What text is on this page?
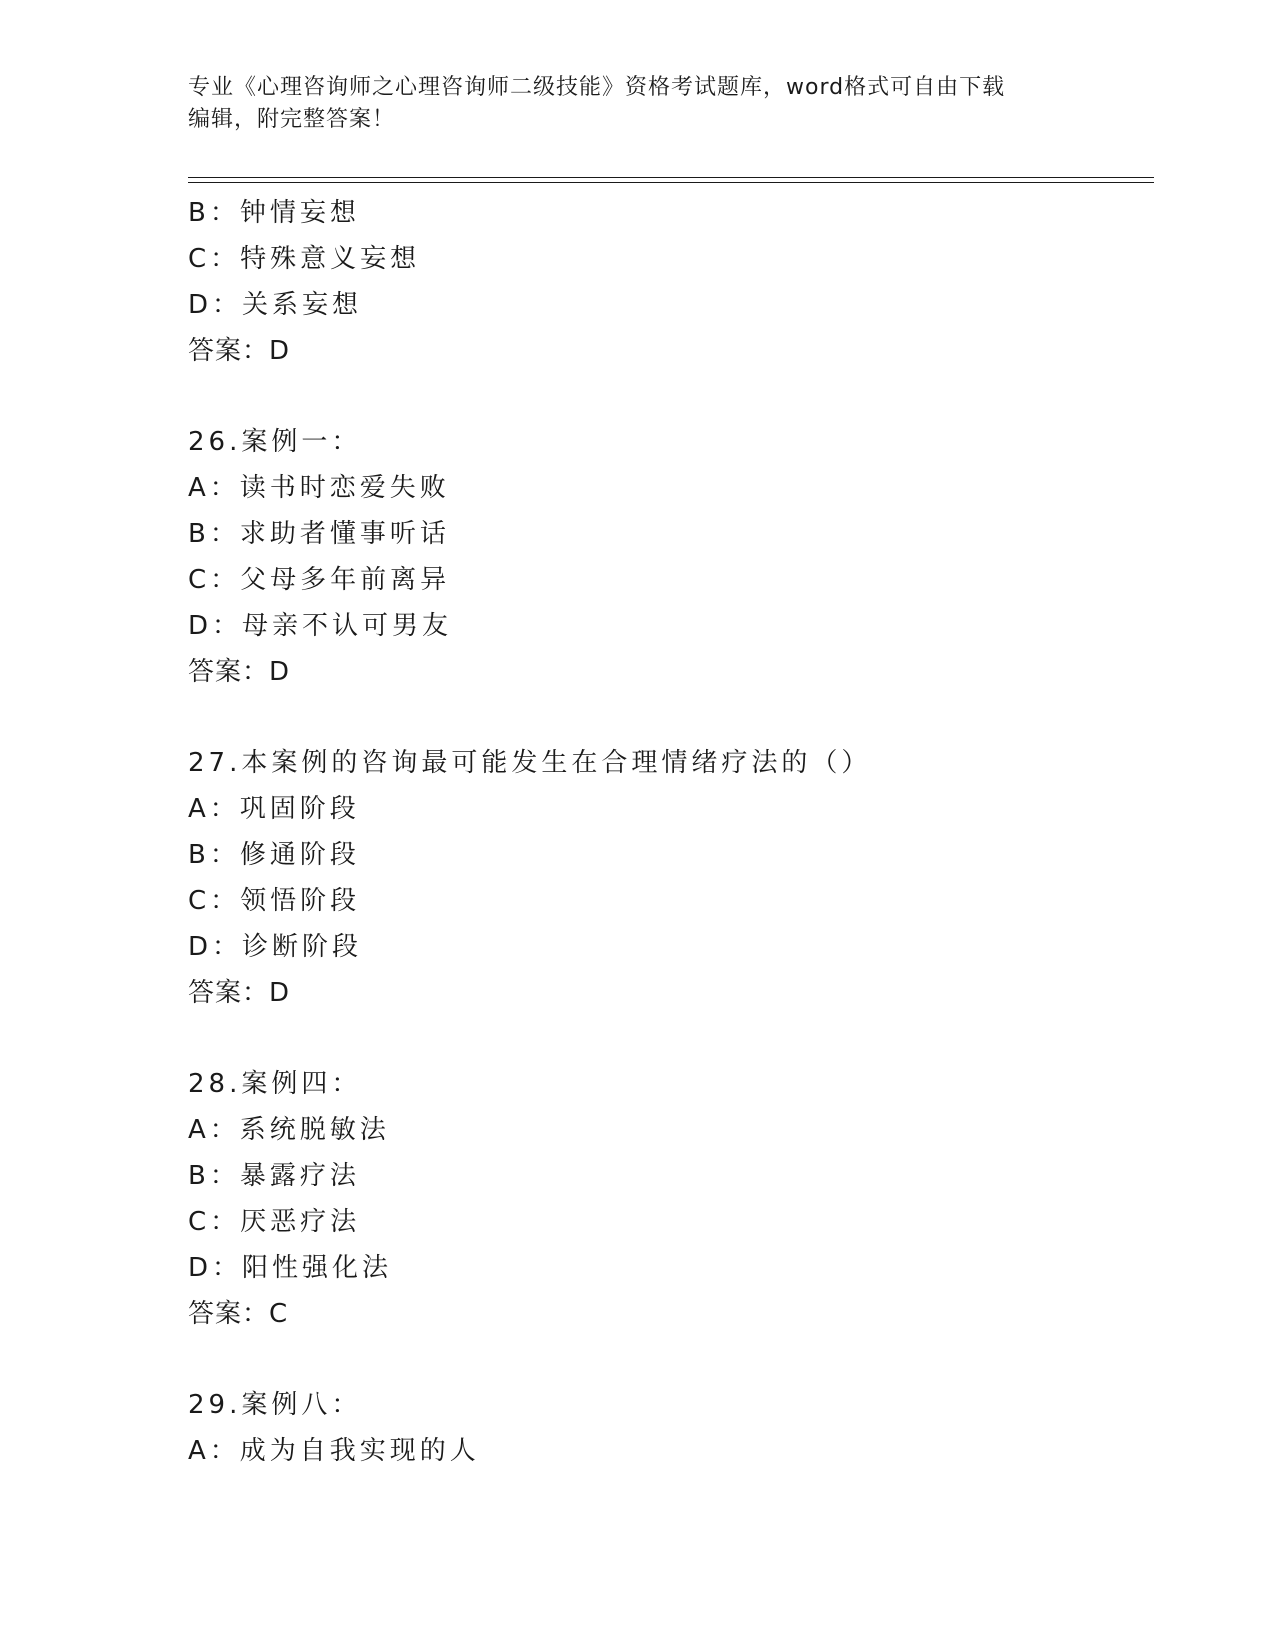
专业《心理咨询师之心理咨询师二级技能》资格考试题库，word格式可自由下载
编辑，附完整答案！
B：钟情妄想
C：特殊意义妄想
D：关系妄想
答案：D
26.案例一：
A：读书时恋爱失败
B：求助者懂事听话
C：父母多年前离异
D：母亲不认可男友
答案：D
27.本案例的咨询最可能发生在合理情绪疗法的（）
A：巩固阶段
B：修通阶段
C：领悟阶段
D：诊断阶段
答案：D
28.案例四：
A：系统脱敏法
B：暴露疗法
C：厌恶疗法
D：阳性强化法
答案：C
29.案例八：
A：成为自我实现的人
